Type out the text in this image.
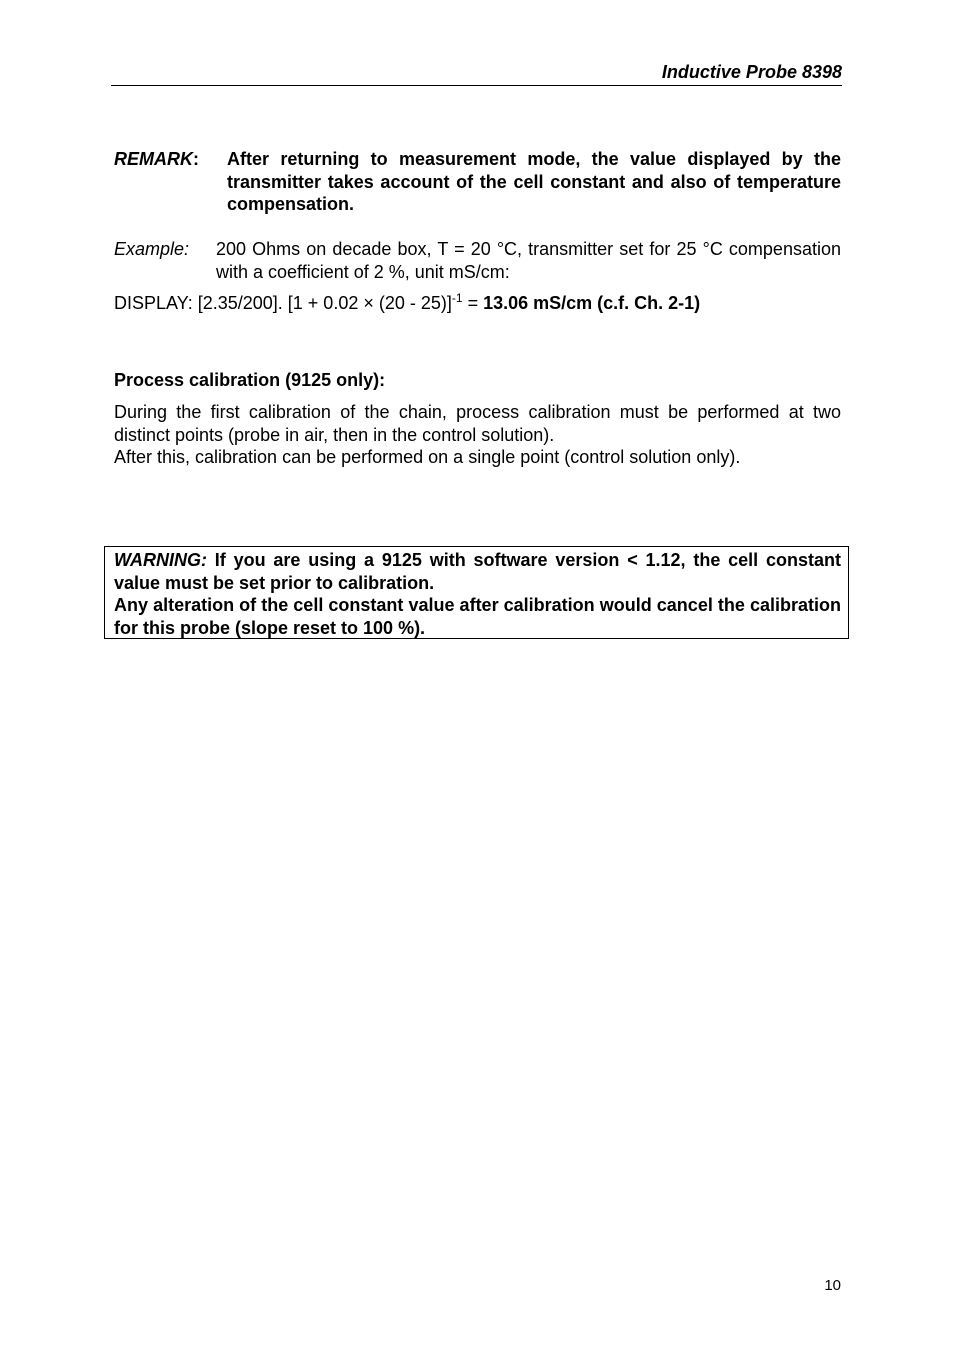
Inductive Probe 8398
REMARK: After returning to measurement mode, the value displayed by the transmitter takes account of the cell constant and also of temperature compensation.
Example: 200 Ohms on decade box, T = 20 °C, transmitter set for 25 °C compensation with a coefficient of 2 %, unit mS/cm:
DISPLAY: [2.35/200]. $[1 + 0.02 \times (20 - 25)]^{-1} = 13.06$ mS/cm (c.f. Ch. 2-1)
Process calibration (9125 only):

During the first calibration of the chain, process calibration must be performed at two distinct points (probe in air, then in the control solution).

After this, calibration can be performed on a single point (control solution only).

WARNING: If you are using a 9125 with software version < 1.12, the cell constant value must be set prior to calibration.

Any alteration of the cell constant value after calibration would cancel the calibration for this probe (slope reset to 100 %).

10
